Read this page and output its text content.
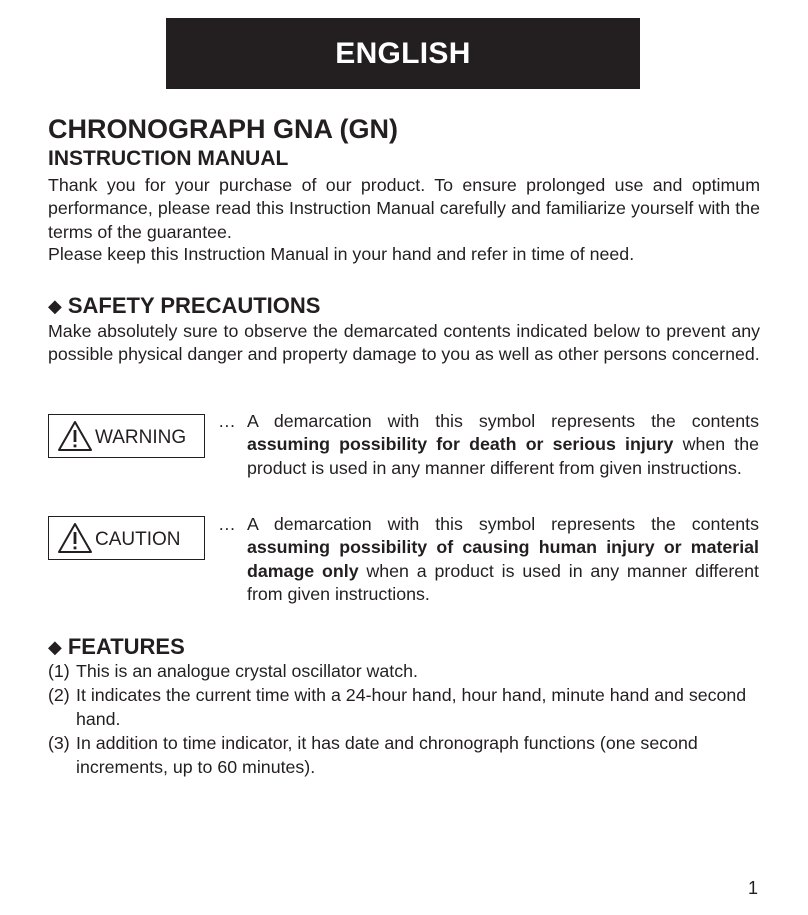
ENGLISH
CHRONOGRAPH GNA (GN)
INSTRUCTION MANUAL

Thank you for your purchase of our product. To ensure prolonged use and optimum performance, please read this Instruction Manual carefully and familiarize yourself with the terms of the guarantee.

Please keep this Instruction Manual in your hand and refer in time of need.

◆ SAFETY PRECAUTIONS

Make absolutely sure to observe the demarcated contents indicated below to prevent any possible physical danger and property damage to you as well as other persons concerned.

WARNING
… A demarcation with this symbol represents the contents assuming possibility for death or serious injury when the product is used in any manner different from given instructions.

CAUTION
… A demarcation with this symbol represents the contents assuming possibility of causing human injury or material damage only when a product is used in any manner different from given instructions.

◆ FEATURES
(1) This is an analogue crystal oscillator watch.
(2) It indicates the current time with a 24-hour hand, hour hand, minute hand and second hand.
(3) In addition to time indicator, it has date and chronograph functions (one second increments, up to 60 minutes).
1
